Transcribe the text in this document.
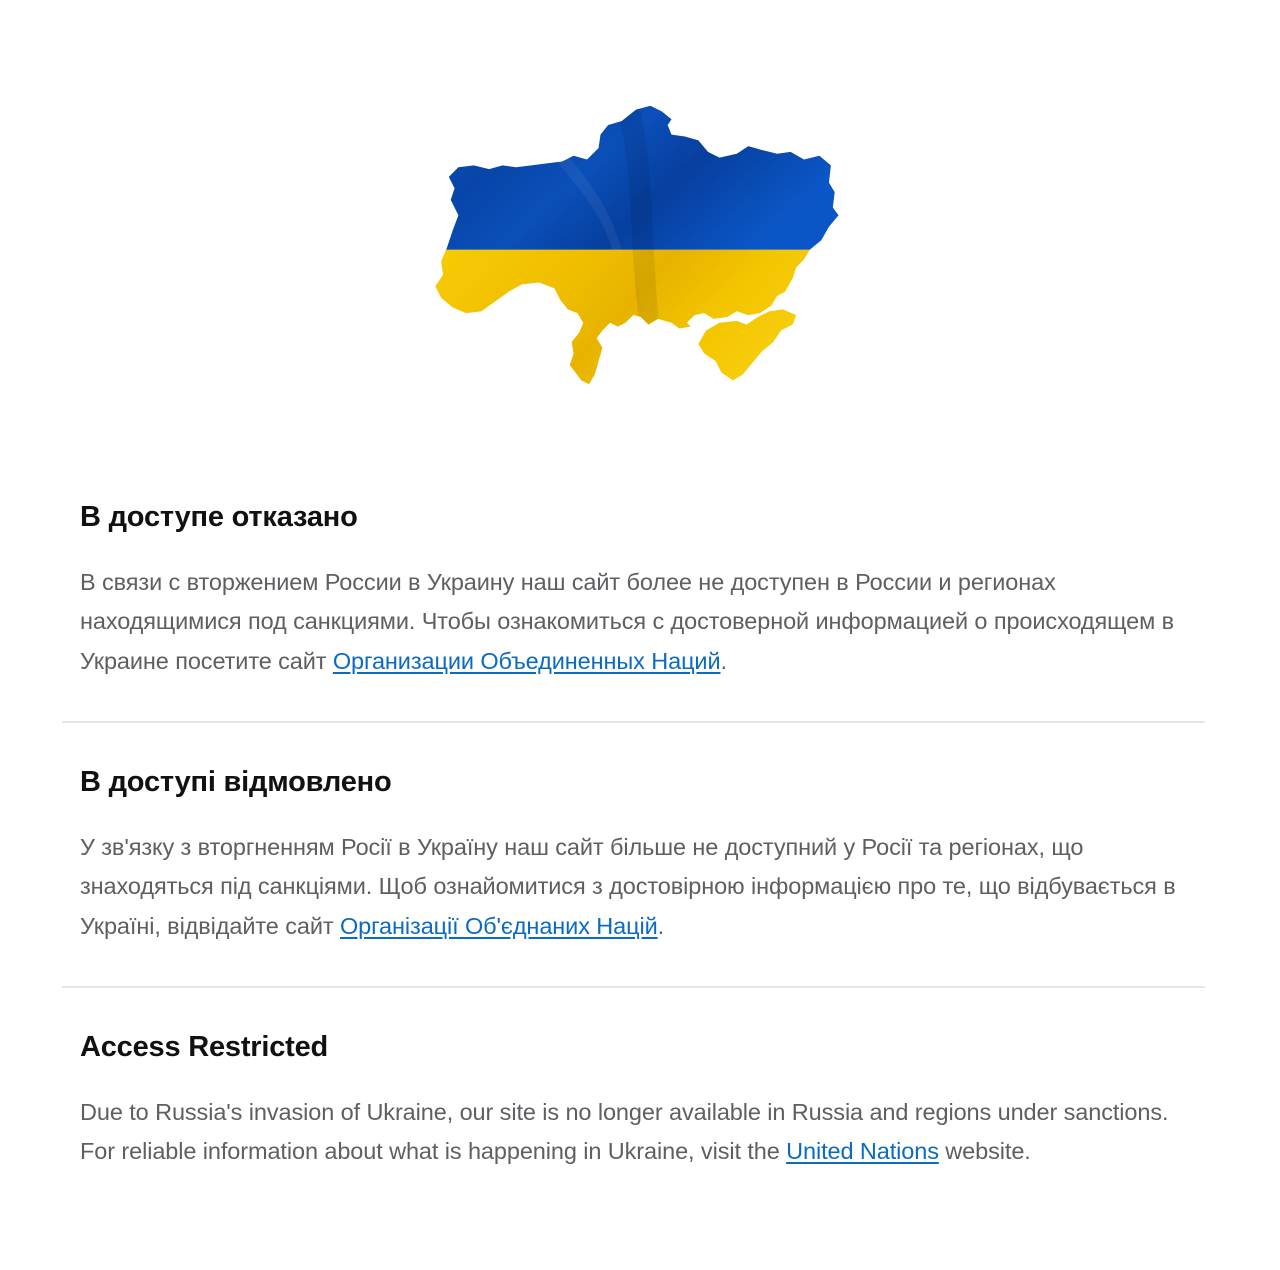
В доступе отказано

В связи с вторжением России в Украину наш сайт более не доступен в России и регионах находящимися под санкциями. Чтобы ознакомиться с достоверной информацией о происходящем в Украине посетите сайт Организации Объединенных Наций.

В доступі відмовлено

У зв'язку з вторгненням Росії в Україну наш сайт більше не доступний у Росії та регіонах, що знаходяться під санкціями. Щоб ознайомитися з достовірною інформацією про те, що відбувається в Україні, відвідайте сайт Організації Об'єднаних Націй.

Access Restricted

Due to Russia's invasion of Ukraine, our site is no longer available in Russia and regions under sanctions. For reliable information about what is happening in Ukraine, visit the United Nations website.
